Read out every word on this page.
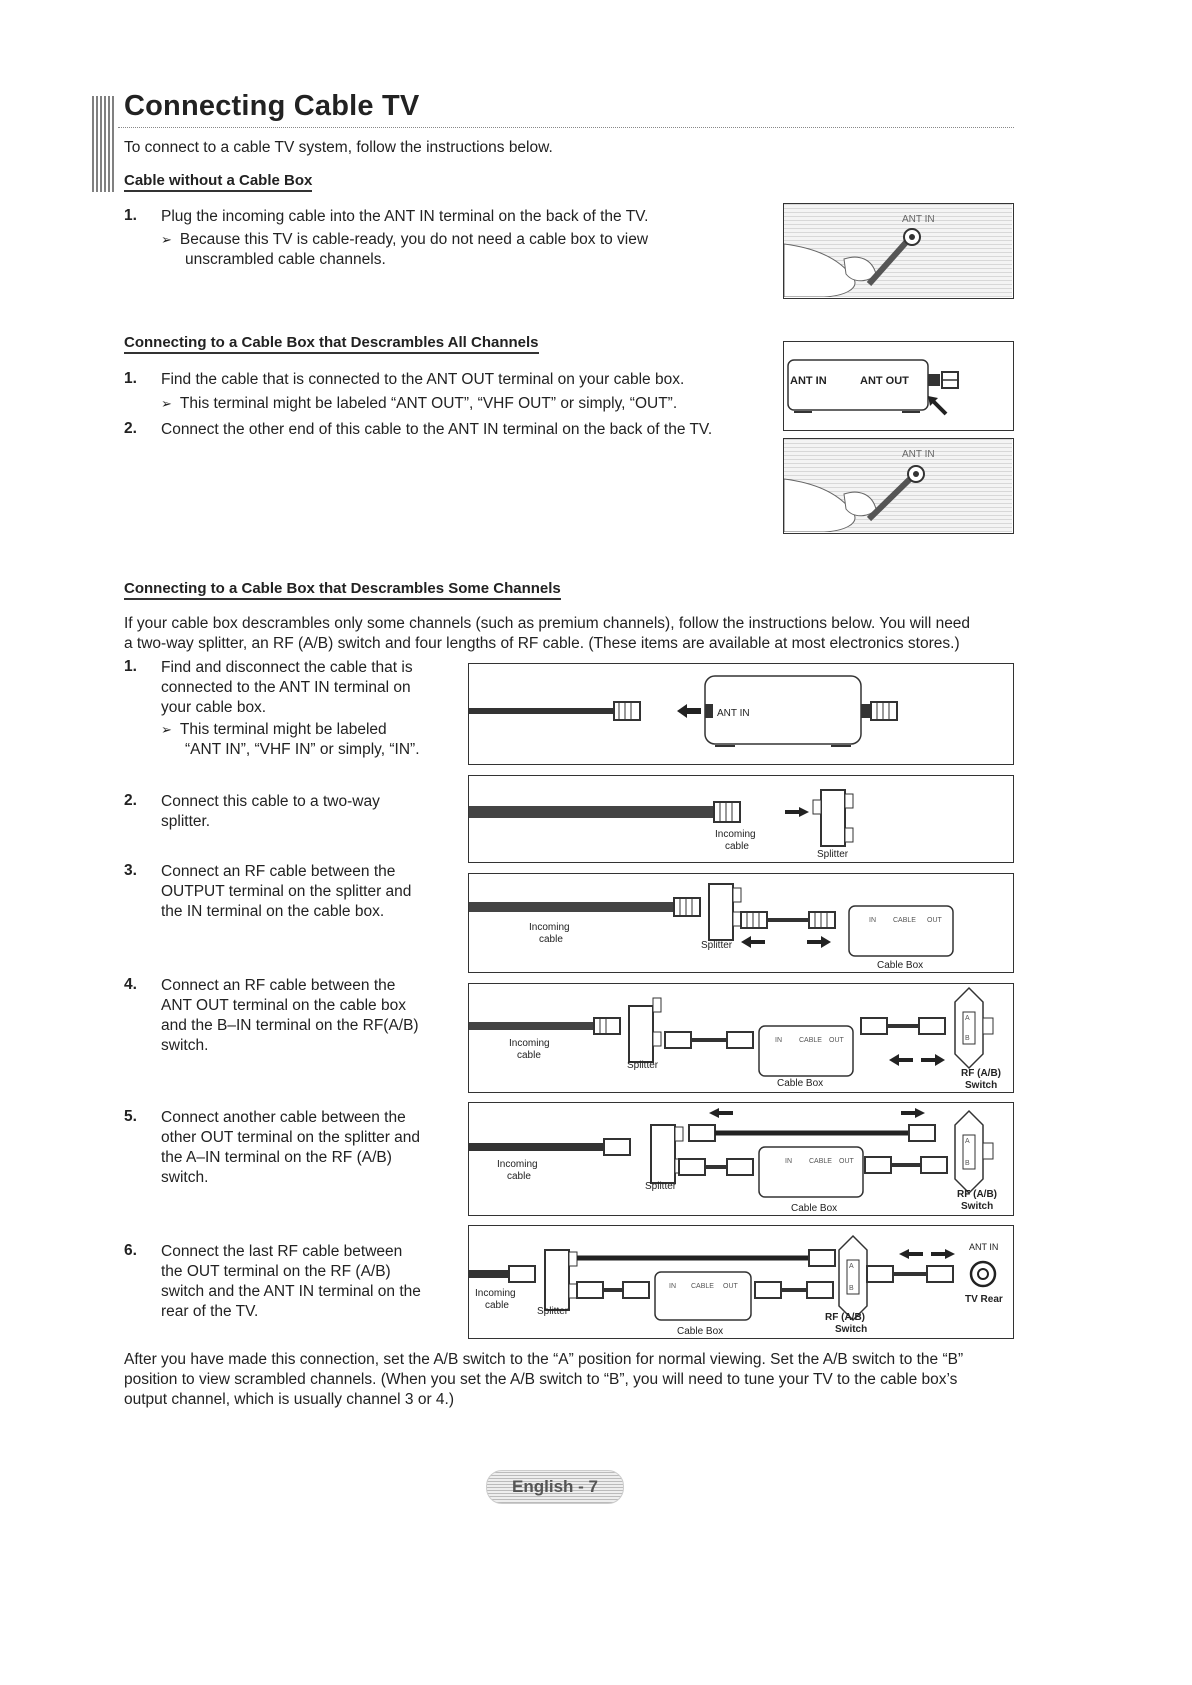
Connecting Cable TV
To connect to a cable TV system, follow the instructions below.
Cable without a Cable Box
1. Plug the incoming cable into the ANT IN terminal on the back of the TV.
➢ Because this TV is cable-ready, you do not need a cable box to view
unscrambled cable channels.
ANT IN
Connecting to a Cable Box that Descrambles All Channels
1. Find the cable that is connected to the ANT OUT terminal on your cable box.
➢ This terminal might be labeled “ANT OUT”, “VHF OUT” or simply, “OUT”.
2. Connect the other end of this cable to the ANT IN terminal on the back of the TV.
ANT IN	ANT OUT
ANT IN
Connecting to a Cable Box that Descrambles Some Channels
If your cable box descrambles only some channels (such as premium channels), follow the instructions below. You will need
a two-way splitter, an RF (A/B) switch and four lengths of RF cable. (These items are available at most electronics stores.)
1. Find and disconnect the cable that is
connected to the ANT IN terminal on
your cable box.
➢ This terminal might be labeled
“ANT IN”, “VHF IN” or simply, “IN”.
2. Connect this cable to a two-way
splitter.
3. Connect an RF cable between the
OUTPUT terminal on the splitter and
the IN terminal on the cable box.
4. Connect an RF cable between the
ANT OUT terminal on the cable box
and the B–IN terminal on the RF(A/B)
switch.
5. Connect another cable between the
other OUT terminal on the splitter and
the A–IN terminal on the RF (A/B)
switch.
6. Connect the last RF cable between
the OUT terminal on the RF (A/B)
switch and the ANT IN terminal on the
rear of the TV.
ANT IN
Incoming
cable
Splitter
IN CABLE OUT
Incoming
cable
Splitter
Cable Box
IN CABLE OUT
A
B
Incoming
cable
Splitter
Cable Box
RF (A/B)
Switch
IN CABLE OUT
A
B
Incoming
cable
Splitter
Cable Box
RF (A/B)
Switch
IN CABLE OUT
A
B
ANT IN
TV Rear
Incoming
cable
Splitter
Cable Box
RF (A/B)
Switch
After you have made this connection, set the A/B switch to the “A” position for normal viewing. Set the A/B switch to the “B”
position to view scrambled channels. (When you set the A/B switch to “B”, you will need to tune your TV to the cable box’s
output channel, which is usually channel 3 or 4.)
English - 7
